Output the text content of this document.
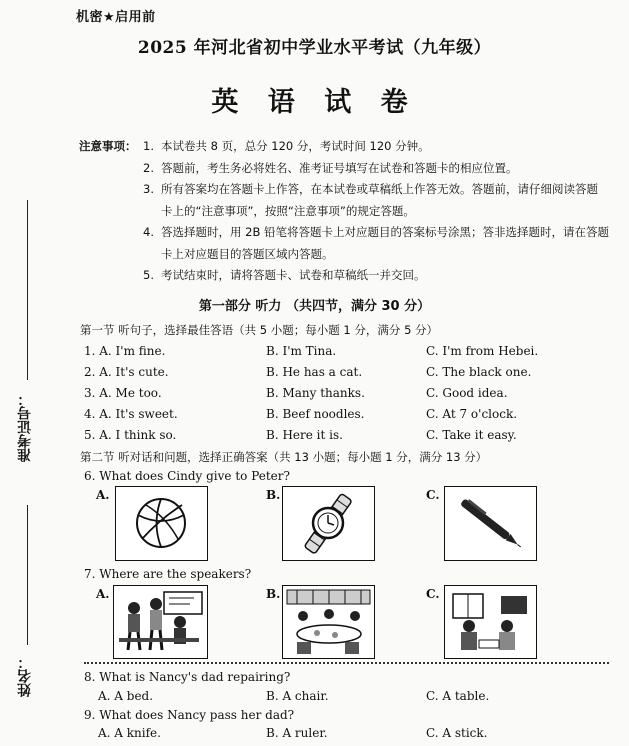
准考证号：
姓名：
机密★启用前
2025 年河北省初中学业水平考试（九年级）
英 语 试 卷
注意事项： 1. 本试卷共 8 页，总分 120 分，考试时间 120 分钟。
2. 答题前，考生务必将姓名、准考证号填写在试卷和答题卡的相应位置。
3. 所有答案均在答题卡上作答，在本试卷或草稿纸上作答无效。答题前，请仔细阅读答题卡上的“注意事项”，按照“注意事项”的规定答题。
4. 答选择题时，用 2B 铅笔将答题卡上对应题目的答案标号涂黑；答非选择题时，请在答题卡上对应题目的答题区域内答题。
5. 考试结束时，请将答题卡、试卷和草稿纸一并交回。
第一部分 听力 （共四节，满分 30 分）
第一节 听句子，选择最佳答语（共 5 小题；每小题 1 分，满分 5 分）
1. A. I'm fine.	B. I'm Tina.	C. I'm from Hebei.
2. A. It's cute.	B. He has a cat.	C. The black one.
3. A. Me too.	B. Many thanks.	C. Good idea.
4. A. It's sweet.	B. Beef noodles.	C. At 7 o'clock.
5. A. I think so.	B. Here it is.	C. Take it easy.
第二节 听对话和问题，选择正确答案（共 13 小题；每小题 1 分，满分 13 分）
6. What does Cindy give to Peter?
A.	B.	C.
7. Where are the speakers?
A.	B.	C.
8. What is Nancy's dad repairing?
A. A bed.	B. A chair.	C. A table.
9. What does Nancy pass her dad?
A. A knife.	B. A ruler.	C. A stick.
